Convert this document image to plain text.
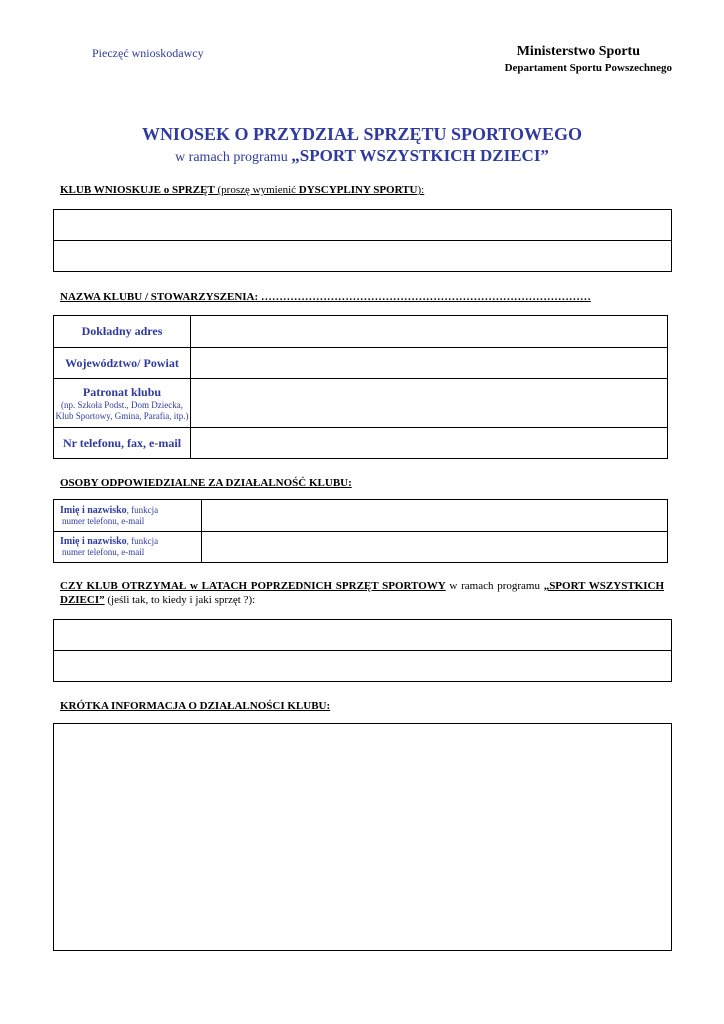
Pieczęć wnioskodawcy	Ministerstwo Sportu
Departament Sportu Powszechnego
WNIOSEK O PRZYDZIAŁ SPRZĘTU SPORTOWEGO
w ramach programu „SPORT WSZYSTKICH DZIECI”
KLUB WNIOSKUJE o SPRZĘT (proszę wymienić DYSCYPLINY SPORTU):
NAZWA KLUBU / STOWARZYSZENIA: ………………………………………………………………………………
Dokładny adres	
Województwo/ Powiat	
Patronat klubu
(np. Szkoła Podst., Dom Dziecka, Klub Sportowy, Gmina, Parafia, itp.)	

Nr telefonu, fax, e-mail	
OSOBY ODPOWIEDZIALNE ZA DZIAŁALNOŚĆ KLUBU:
Imię i nazwisko, funkcja
numer telefonu, e-mail	
Imię i nazwisko, funkcja
numer telefonu, e-mail	
CZY KLUB OTRZYMAŁ w LATACH POPRZEDNICH SPRZĘT SPORTOWY w ramach programu „SPORT WSZYSTKICH DZIECI” (jeśli tak, to kiedy i jaki sprzęt ?):
KRÓTKA INFORMACJA O DZIAŁALNOŚCI KLUBU:
